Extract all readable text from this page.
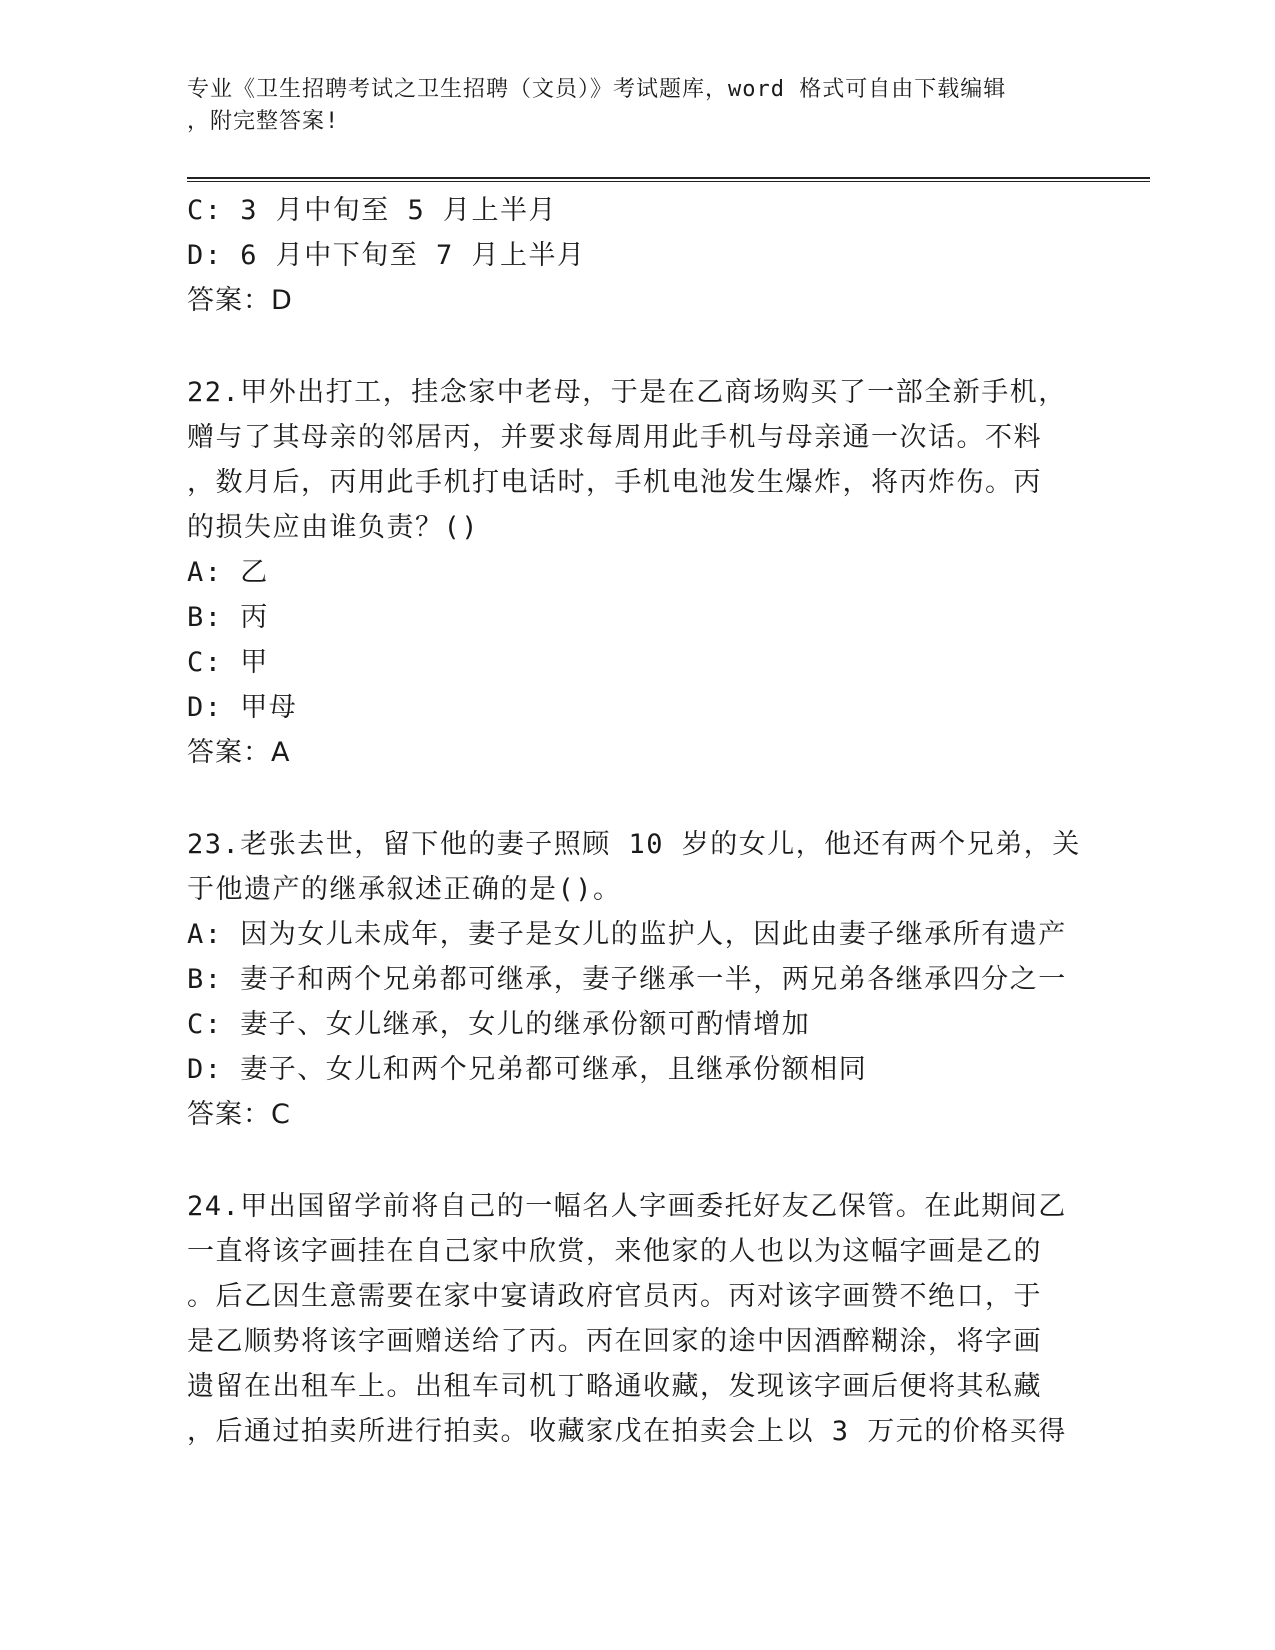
专业《卫生招聘考试之卫生招聘（文员）》考试题库，word 格式可自由下载编辑
，附完整答案!
C: 3 月中旬至 5 月上半月
D: 6 月中下旬至 7 月上半月
答案：D
22.甲外出打工，挂念家中老母，于是在乙商场购买了一部全新手机，
赠与了其母亲的邻居丙，并要求每周用此手机与母亲通一次话。不料
，数月后，丙用此手机打电话时，手机电池发生爆炸，将丙炸伤。丙
的损失应由谁负责？()
A: 乙
B: 丙
C: 甲
D: 甲母
答案：A
23.老张去世，留下他的妻子照顾 10 岁的女儿，他还有两个兄弟，关
于他遗产的继承叙述正确的是()。
A: 因为女儿未成年，妻子是女儿的监护人，因此由妻子继承所有遗产
B: 妻子和两个兄弟都可继承，妻子继承一半，两兄弟各继承四分之一
C: 妻子、女儿继承，女儿的继承份额可酌情增加
D: 妻子、女儿和两个兄弟都可继承，且继承份额相同
答案：C
24.甲出国留学前将自己的一幅名人字画委托好友乙保管。在此期间乙
一直将该字画挂在自己家中欣赏，来他家的人也以为这幅字画是乙的
。后乙因生意需要在家中宴请政府官员丙。丙对该字画赞不绝口，于
是乙顺势将该字画赠送给了丙。丙在回家的途中因酒醉糊涂，将字画
遗留在出租车上。出租车司机丁略通收藏，发现该字画后便将其私藏
，后通过拍卖所进行拍卖。收藏家戊在拍卖会上以 3 万元的价格买得
